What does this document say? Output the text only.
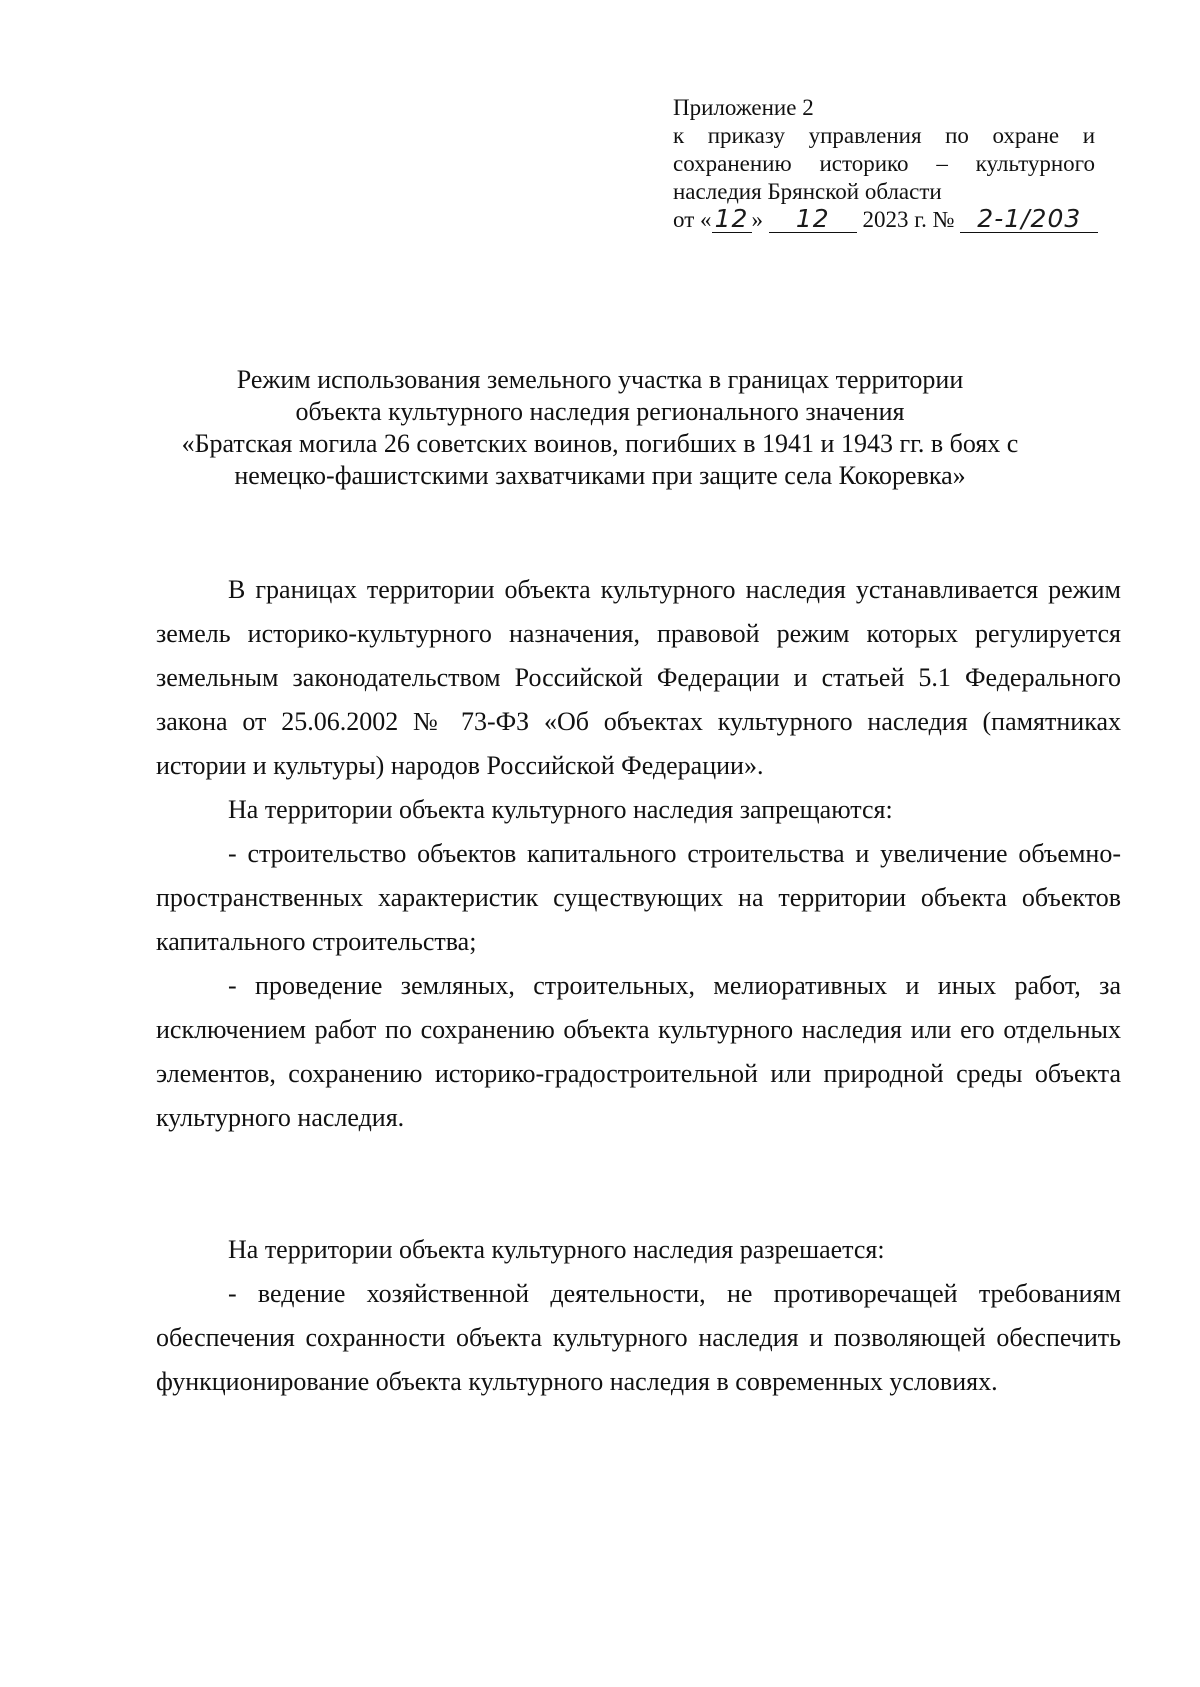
Приложение 2
к приказу управления по охране и
сохранению историко – культурного
наследия Брянской области
от « 12 » 12 2023 г. № 2-1/203
Режим использования земельного участка в границах территории
объекта культурного наследия регионального значения
«Братская могила 26 советских воинов, погибших в 1941 и 1943 гг. в боях с
немецко-фашистскими захватчиками при защите села Кокоревка»

В границах территории объекта культурного наследия устанавливается режим земель историко-культурного назначения, правовой режим которых регулируется земельным законодательством Российской Федерации и статьей 5.1 Федерального закона от 25.06.2002 № 73-ФЗ «Об объектах культурного наследия (памятниках истории и культуры) народов Российской Федерации».

На территории объекта культурного наследия запрещаются:

- строительство объектов капитального строительства и увеличение объемно-пространственных характеристик существующих на территории объекта объектов капитального строительства;

- проведение земляных, строительных, мелиоративных и иных работ, за исключением работ по сохранению объекта культурного наследия или его отдельных элементов, сохранению историко-градостроительной или природной среды объекта культурного наследия.

На территории объекта культурного наследия разрешается:

- ведение хозяйственной деятельности, не противоречащей требованиям обеспечения сохранности объекта культурного наследия и позволяющей обеспечить функционирование объекта культурного наследия в современных условиях.
